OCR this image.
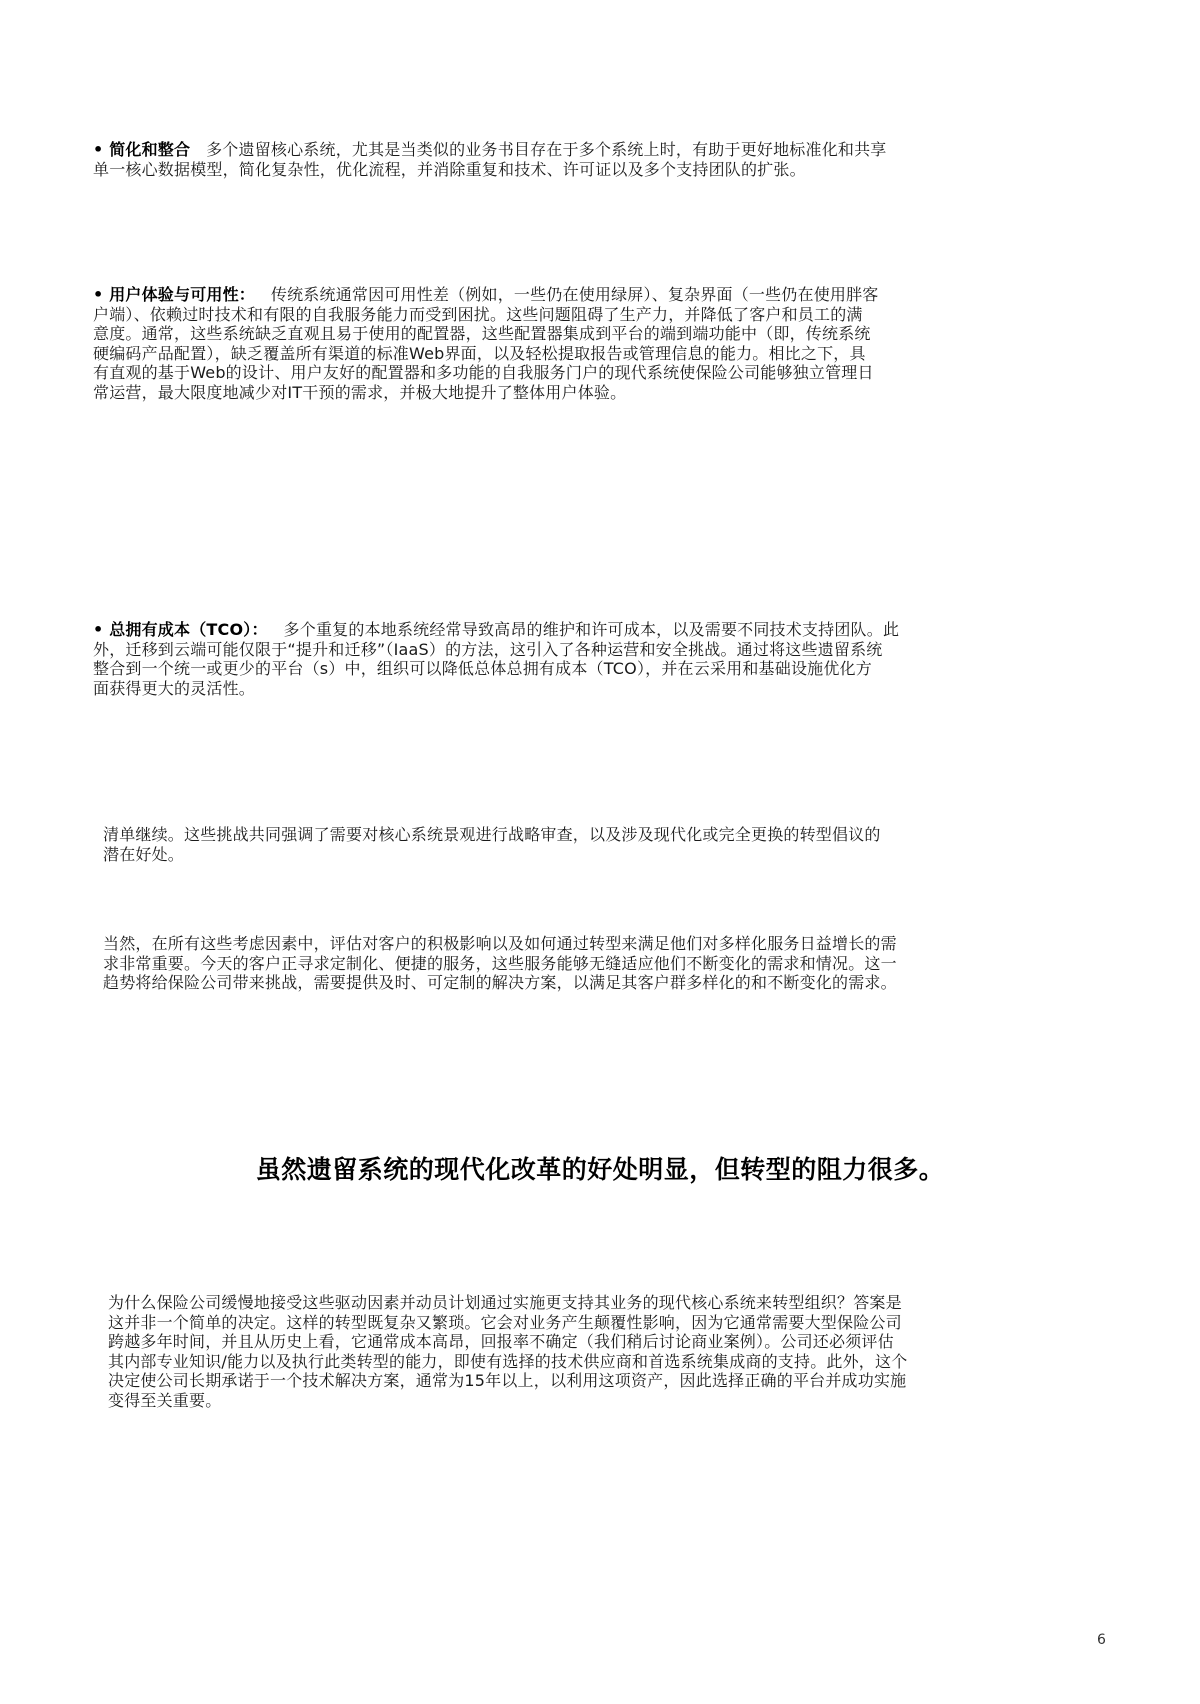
• 简化和整合 多个遗留核心系统，尤其是当类似的业务书目存在于多个系统上时，有助于更好地标准化和共享
单一核心数据模型，简化复杂性，优化流程，并消除重复和技术、许可证以及多个支持团队的扩张。
• 用户体验与可用性： 传统系统通常因可用性差（例如，一些仍在使用绿屏）、复杂界面（一些仍在使用胖客
户端）、依赖过时技术和有限的自我服务能力而受到困扰。这些问题阻碍了生产力，并降低了客户和员工的满
意度。通常，这些系统缺乏直观且易于使用的配置器，这些配置器集成到平台的端到端功能中（即，传统系统
硬编码产品配置），缺乏覆盖所有渠道的标准Web界面，以及轻松提取报告或管理信息的能力。相比之下，具
有直观的基于Web的设计、用户友好的配置器和多功能的自我服务门户的现代系统使保险公司能够独立管理日
常运营，最大限度地减少对IT干预的需求，并极大地提升了整体用户体验。
• 总拥有成本（TCO）： 多个重复的本地系统经常导致高昂的维护和许可成本，以及需要不同技术支持团队。此
外，迁移到云端可能仅限于“提升和迁移”（IaaS）的方法，这引入了各种运营和安全挑战。通过将这些遗留系统
整合到一个统一或更少的平台（s）中，组织可以降低总体总拥有成本（TCO），并在云采用和基础设施优化方
面获得更大的灵活性。
清单继续。这些挑战共同强调了需要对核心系统景观进行战略审查，以及涉及现代化或完全更换的转型倡议的
潜在好处。
当然，在所有这些考虑因素中，评估对客户的积极影响以及如何通过转型来满足他们对多样化服务日益增长的需
求非常重要。今天的客户正寻求定制化、便捷的服务，这些服务能够无缝适应他们不断变化的需求和情况。这一
趋势将给保险公司带来挑战，需要提供及时、可定制的解决方案，以满足其客户群多样化的和不断变化的需求。
虽然遗留系统的现代化改革的好处明显，但转型的阻力很多。
为什么保险公司缓慢地接受这些驱动因素并动员计划通过实施更支持其业务的现代核心系统来转型组织？答案是
这并非一个简单的决定。这样的转型既复杂又繁琐。它会对业务产生颠覆性影响，因为它通常需要大型保险公司
跨越多年时间，并且从历史上看，它通常成本高昂，回报率不确定（我们稍后讨论商业案例）。公司还必须评估
其内部专业知识/能力以及执行此类转型的能力，即使有选择的技术供应商和首选系统集成商的支持。此外，这个
决定使公司长期承诺于一个技术解决方案，通常为15年以上，以利用这项资产，因此选择正确的平台并成功实施
变得至关重要。
6
